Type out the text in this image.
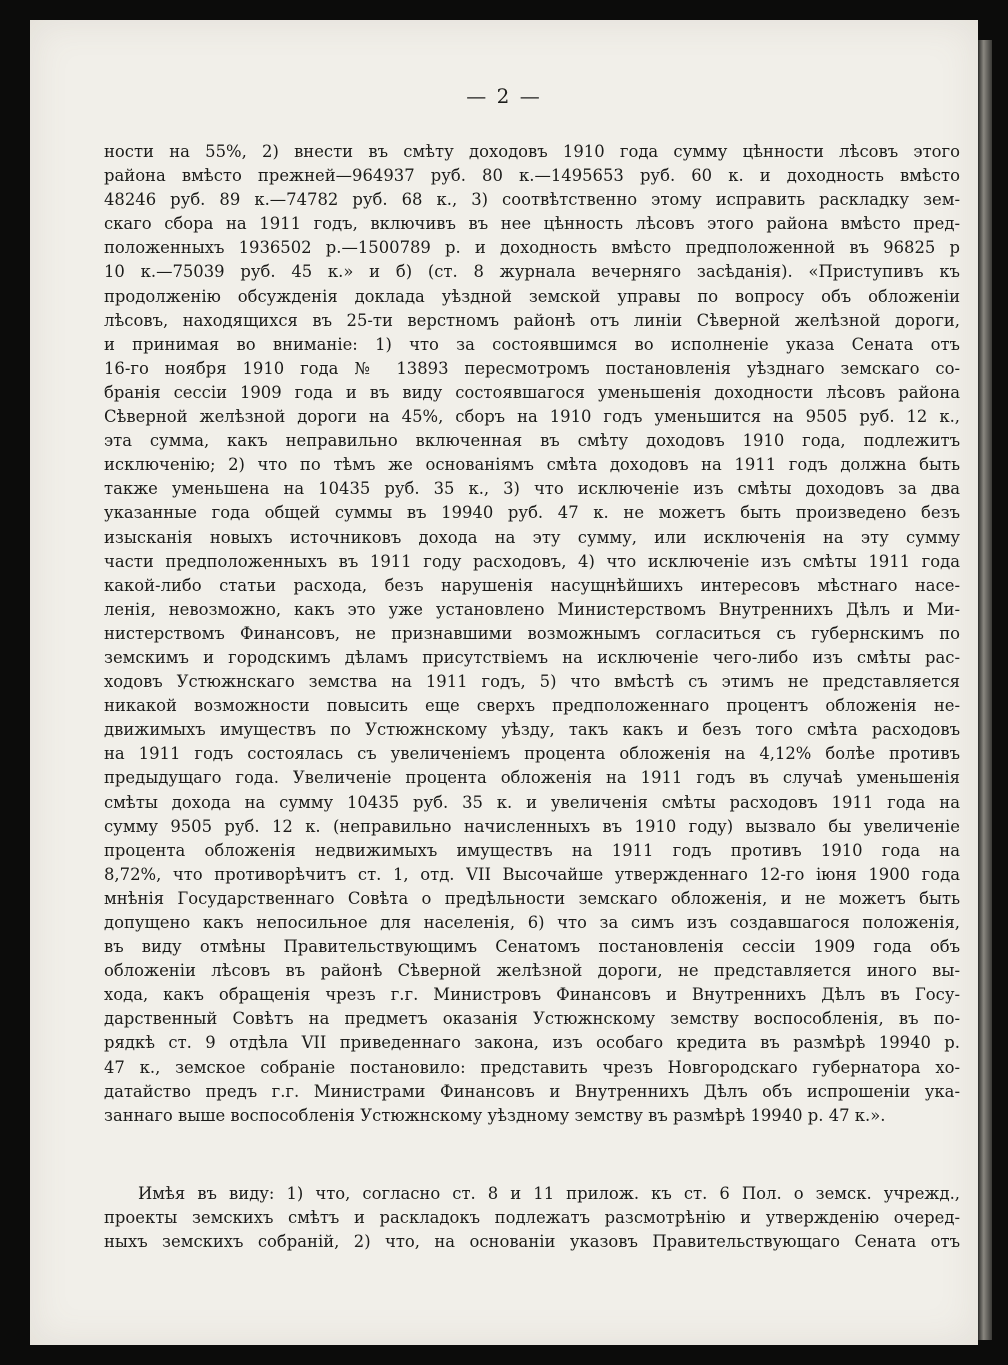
— 2 —
ности на 55%, 2) внести въ смѣту доходовъ 1910 года сумму цѣнности лѣсовъ этого
района вмѣсто прежней—964937 руб. 80 к.—1495653 руб. 60 к. и доходность вмѣсто
48246 руб. 89 к.—74782 руб. 68 к., 3) соотвѣтственно этому исправить раскладку зем-
скаго сбора на 1911 годъ, включивъ въ нее цѣнность лѣсовъ этого района вмѣсто пред-
положенныхъ 1936502 р.—1500789 р. и доходность вмѣсто предположенной въ 96825 р
10 к.—75039 руб. 45 к.» и б) (ст. 8 журнала вечерняго засѣданія). «Приступивъ къ
продолженію обсужденія доклада уѣздной земской управы по вопросу объ обложеніи
лѣсовъ, находящихся въ 25-ти верстномъ районѣ отъ линіи Сѣверной желѣзной дороги,
и принимая во вниманіе: 1) что за состоявшимся во исполненіе указа Сената отъ
16-го ноября 1910 года № 13893 пересмотромъ постановленія уѣзднаго земскаго со-
бранія сессіи 1909 года и въ виду состоявшагося уменьшенія доходности лѣсовъ района
Сѣверной желѣзной дороги на 45%, сборъ на 1910 годъ уменьшится на 9505 руб. 12 к.,
эта сумма, какъ неправильно включенная въ смѣту доходовъ 1910 года, подлежитъ
исключенію; 2) что по тѣмъ же основаніямъ смѣта доходовъ на 1911 годъ должна быть
также уменьшена на 10435 руб. 35 к., 3) что исключеніе изъ смѣты доходовъ за два
указанные года общей суммы въ 19940 руб. 47 к. не можетъ быть произведено безъ
изысканія новыхъ источниковъ дохода на эту сумму, или исключенія на эту сумму
части предположенныхъ въ 1911 году расходовъ, 4) что исключеніе изъ смѣты 1911 года
какой-либо статьи расхода, безъ нарушенія насущнѣйшихъ интересовъ мѣстнаго насе-
ленія, невозможно, какъ это уже установлено Министерствомъ Внутреннихъ Дѣлъ и Ми-
нистерствомъ Финансовъ, не признавшими возможнымъ согласиться съ губернскимъ по
земскимъ и городскимъ дѣламъ присутствіемъ на исключеніе чего-либо изъ смѣты рас-
ходовъ Устюжнскаго земства на 1911 годъ, 5) что вмѣстѣ съ этимъ не представляется
никакой возможности повысить еще сверхъ предположеннаго процентъ обложенія не-
движимыхъ имуществъ по Устюжнскому уѣзду, такъ какъ и безъ того смѣта расходовъ
на 1911 годъ состоялась съ увеличеніемъ процента обложенія на 4,12% болѣе противъ
предыдущаго года. Увеличеніе процента обложенія на 1911 годъ въ случаѣ уменьшенія
смѣты дохода на сумму 10435 руб. 35 к. и увеличенія смѣты расходовъ 1911 года на
сумму 9505 руб. 12 к. (неправильно начисленныхъ въ 1910 году) вызвало бы увеличеніе
процента обложенія недвижимыхъ имуществъ на 1911 годъ противъ 1910 года на
8,72%, что противорѣчитъ ст. 1, отд. VII Высочайше утвержденнаго 12-го іюня 1900 года
мнѣнія Государственнаго Совѣта о предѣльности земскаго обложенія, и не можетъ быть
допущено какъ непосильное для населенія, 6) что за симъ изъ создавшагося положенія,
въ виду отмѣны Правительствующимъ Сенатомъ постановленія сессіи 1909 года объ
обложеніи лѣсовъ въ районѣ Сѣверной желѣзной дороги, не представляется иного вы-
хода, какъ обращенія чрезъ г.г. Министровъ Финансовъ и Внутреннихъ Дѣлъ въ Госу-
дарственный Совѣтъ на предметъ оказанія Устюжнскому земству воспособленія, въ по-
рядкѣ ст. 9 отдѣла VII приведеннаго закона, изъ особаго кредита въ размѣрѣ 19940 р.
47 к., земское собраніе постановило: представить чрезъ Новгородскаго губернатора хо-
датайство предъ г.г. Министрами Финансовъ и Внутреннихъ Дѣлъ объ испрошеніи ука-
заннаго выше воспособленія Устюжнскому уѣздному земству въ размѣрѣ 19940 р. 47 к.».
Имѣя въ виду: 1) что, согласно ст. 8 и 11 прилож. къ ст. 6 Пол. о земск. учрежд.,
проекты земскихъ смѣтъ и раскладокъ подлежатъ разсмотрѣнію и утвержденію очеред-
ныхъ земскихъ собраній, 2) что, на основаніи указовъ Правительствующаго Сената отъ
